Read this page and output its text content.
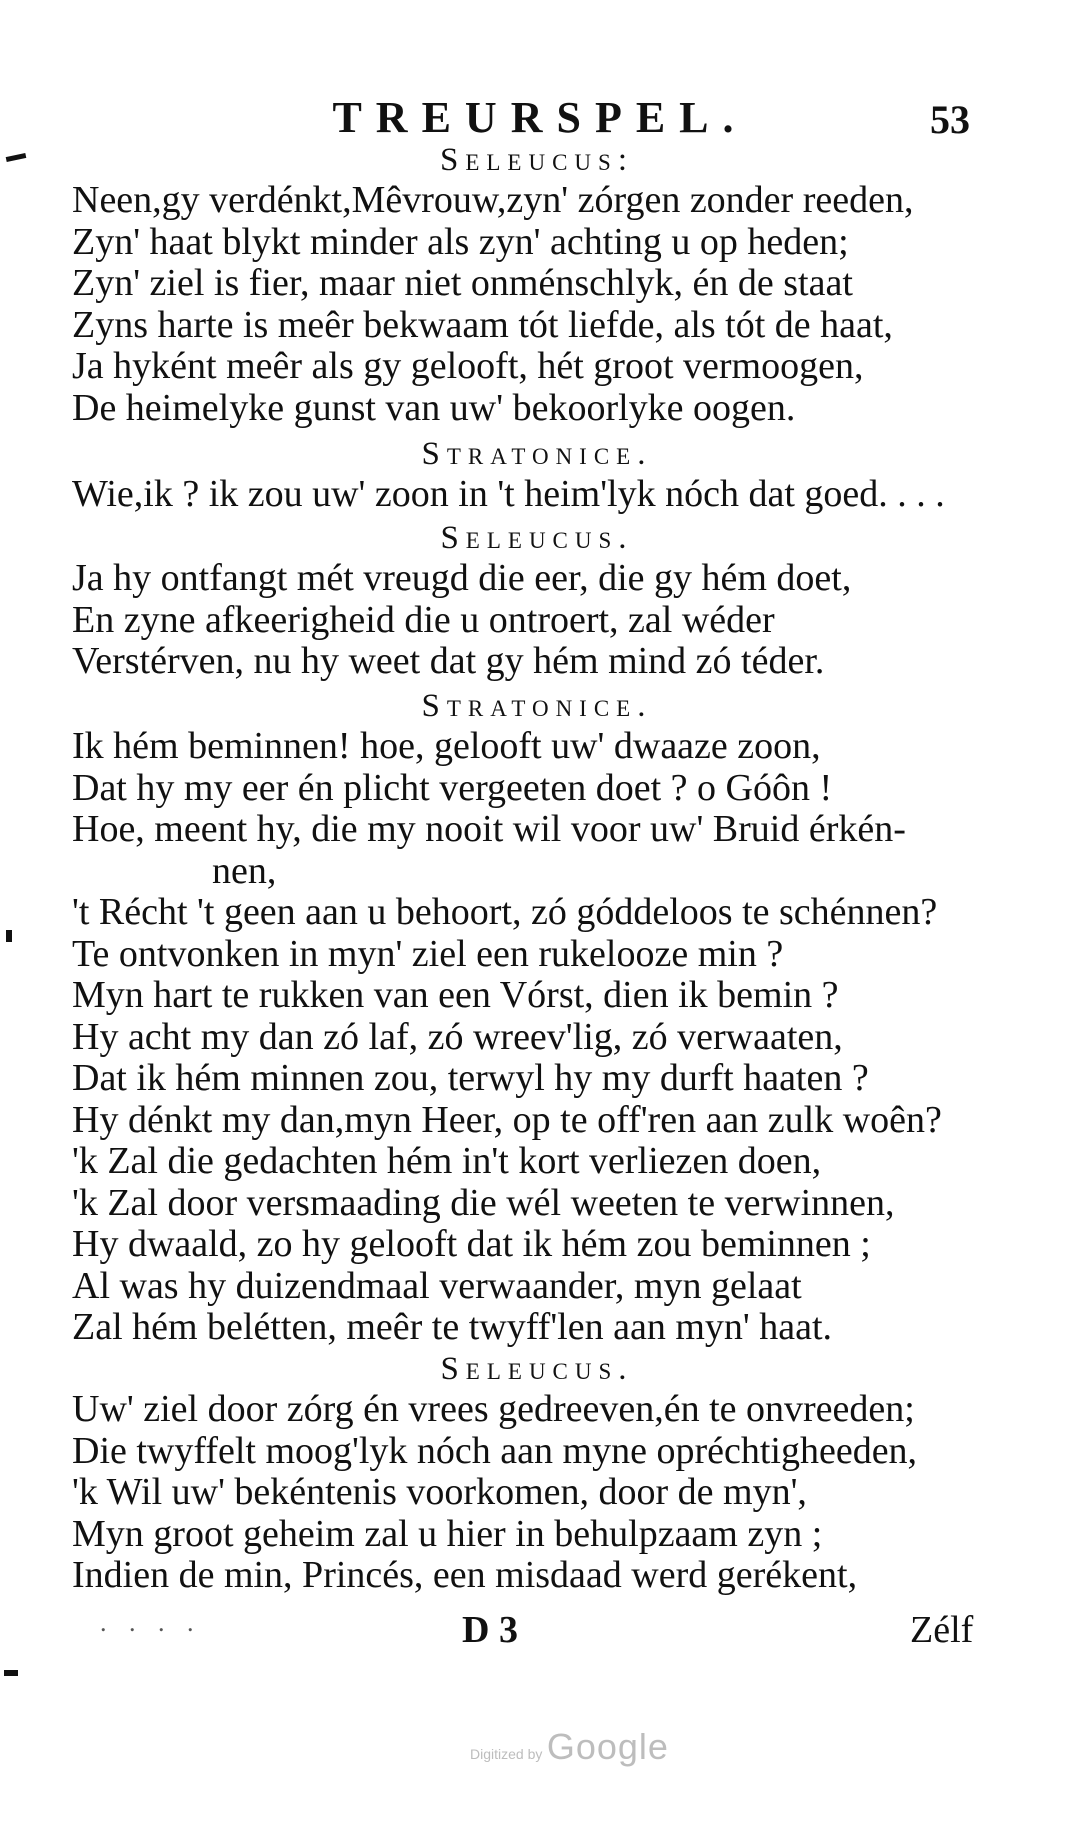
TREURSPEL.	53
Seleucus:
Neen,gy verdénkt,Mêvrouw,zyn' zórgen zonder reeden,
Zyn' haat blykt minder als zyn' achting u op heden;
Zyn' ziel is fier, maar niet onménschlyk, én de staat
Zyns harte is meêr bekwaam tót liefde, als tót de haat,
Ja hyként meêr als gy gelooft, hét groot vermoogen,
De heimelyke gunst van uw' bekoorlyke oogen.
Stratonice.
Wie,ik ? ik zou uw' zoon in 't heim'lyk nóch dat goed. . . .
Seleucus.
Ja hy ontfangt mét vreugd die eer, die gy hém doet,
En zyne afkeerigheid die u ontroert, zal wéder
Verstérven, nu hy weet dat gy hém mind zó téder.
Stratonice.
Ik hém beminnen! hoe, gelooft uw' dwaaze zoon,
Dat hy my eer én plicht vergeeten doet ? o Góôn !
Hoe, meent hy, die my nooit wil voor uw' Bruid érkén-
nen,
't Récht 't geen aan u behoort, zó góddeloos te schénnen?
Te ontvonken in myn' ziel een rukelooze min ?
Myn hart te rukken van een Vórst, dien ik bemin ?
Hy acht my dan zó laf, zó wreev'lig, zó verwaaten,
Dat ik hém minnen zou, terwyl hy my durft haaten ?
Hy dénkt my dan,myn Heer, op te off'ren aan zulk woên?
'k Zal die gedachten hém in't kort verliezen doen,
'k Zal door versmaading die wél weeten te verwinnen,
Hy dwaald, zo hy gelooft dat ik hém zou beminnen ;
Al was hy duizendmaal verwaander, myn gelaat
Zal hém belétten, meêr te twyff'len aan myn' haat.
Seleucus.
Uw' ziel door zórg én vrees gedreeven,én te onvreeden;
Die twyffelt moog'lyk nóch aan myne opréchtigheeden,
'k Wil uw' bekéntenis voorkomen, door de myn',
Myn groot geheim zal u hier in behulpzaam zyn ;
Indien de min, Princés, een misdaad werd gerékent,
. . . .	D 3	Zélf
Digitized by Google
